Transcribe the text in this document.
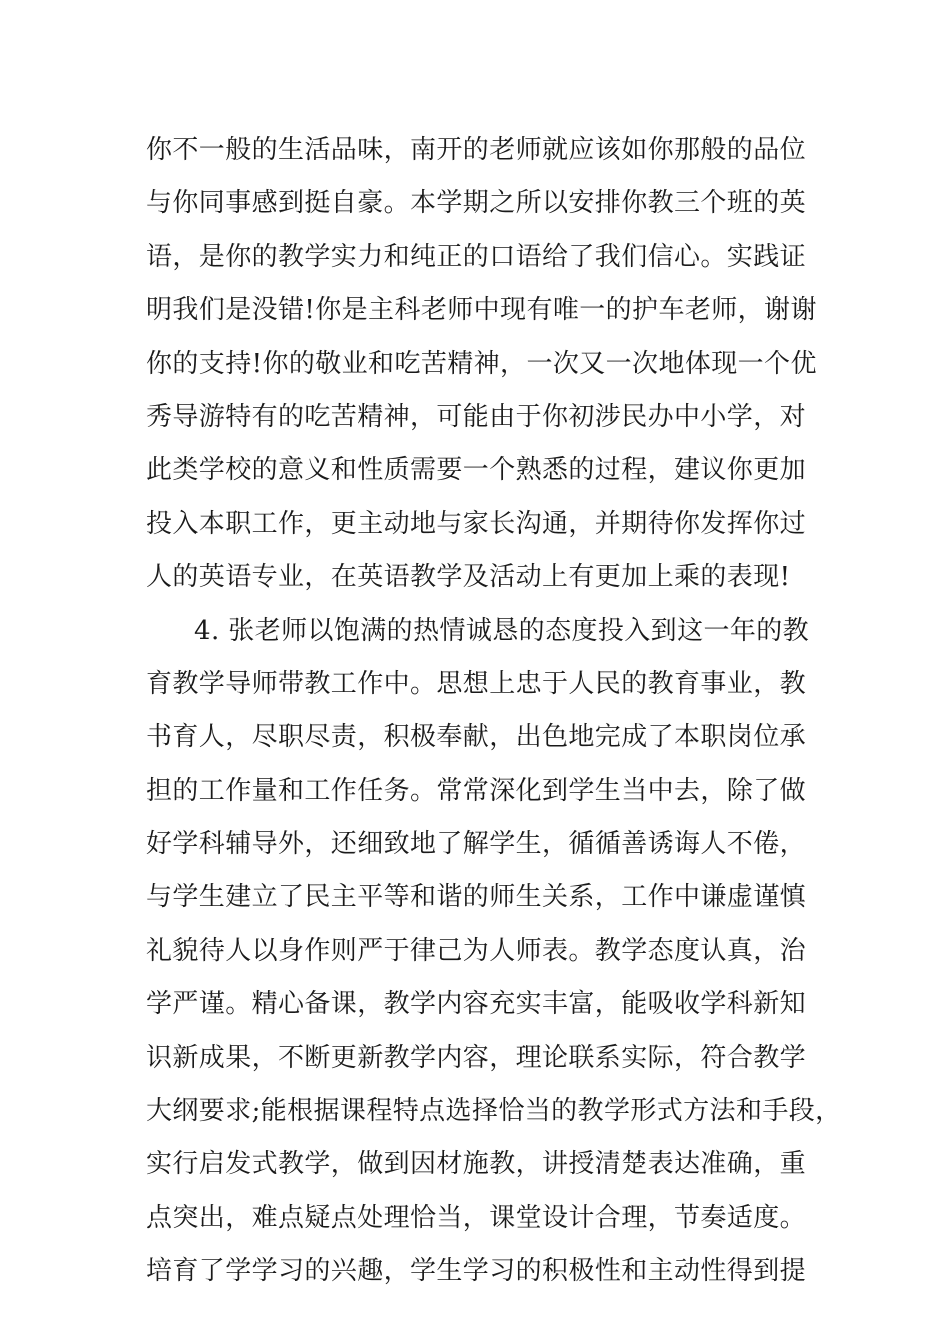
你不一般的生活品味，南开的老师就应该如你那般的品位
与你同事感到挺自豪。本学期之所以安排你教三个班的英
语，是你的教学实力和纯正的口语给了我们信心。实践证
明我们是没错!你是主科老师中现有唯一的护车老师，谢谢
你的支持!你的敬业和吃苦精神，一次又一次地体现一个优
秀导游特有的吃苦精神，可能由于你初涉民办中小学，对
此类学校的意义和性质需要一个熟悉的过程，建议你更加
投入本职工作，更主动地与家长沟通，并期待你发挥你过
人的英语专业，在英语教学及活动上有更加上乘的表现!
4. 张老师以饱满的热情诚恳的态度投入到这一年的教
育教学导师带教工作中。思想上忠于人民的教育事业，教
书育人，尽职尽责，积极奉献，出色地完成了本职岗位承
担的工作量和工作任务。常常深化到学生当中去，除了做
好学科辅导外，还细致地了解学生，循循善诱诲人不倦，
与学生建立了民主平等和谐的师生关系，工作中谦虚谨慎
礼貌待人以身作则严于律己为人师表。教学态度认真，治
学严谨。精心备课，教学内容充实丰富，能吸收学科新知
识新成果，不断更新教学内容，理论联系实际，符合教学
大纲要求;能根据课程特点选择恰当的教学形式方法和手段，
实行启发式教学，做到因材施教，讲授清楚表达准确，重
点突出，难点疑点处理恰当，课堂设计合理，节奏适度。
培育了学学习的兴趣，学生学习的积极性和主动性得到提
